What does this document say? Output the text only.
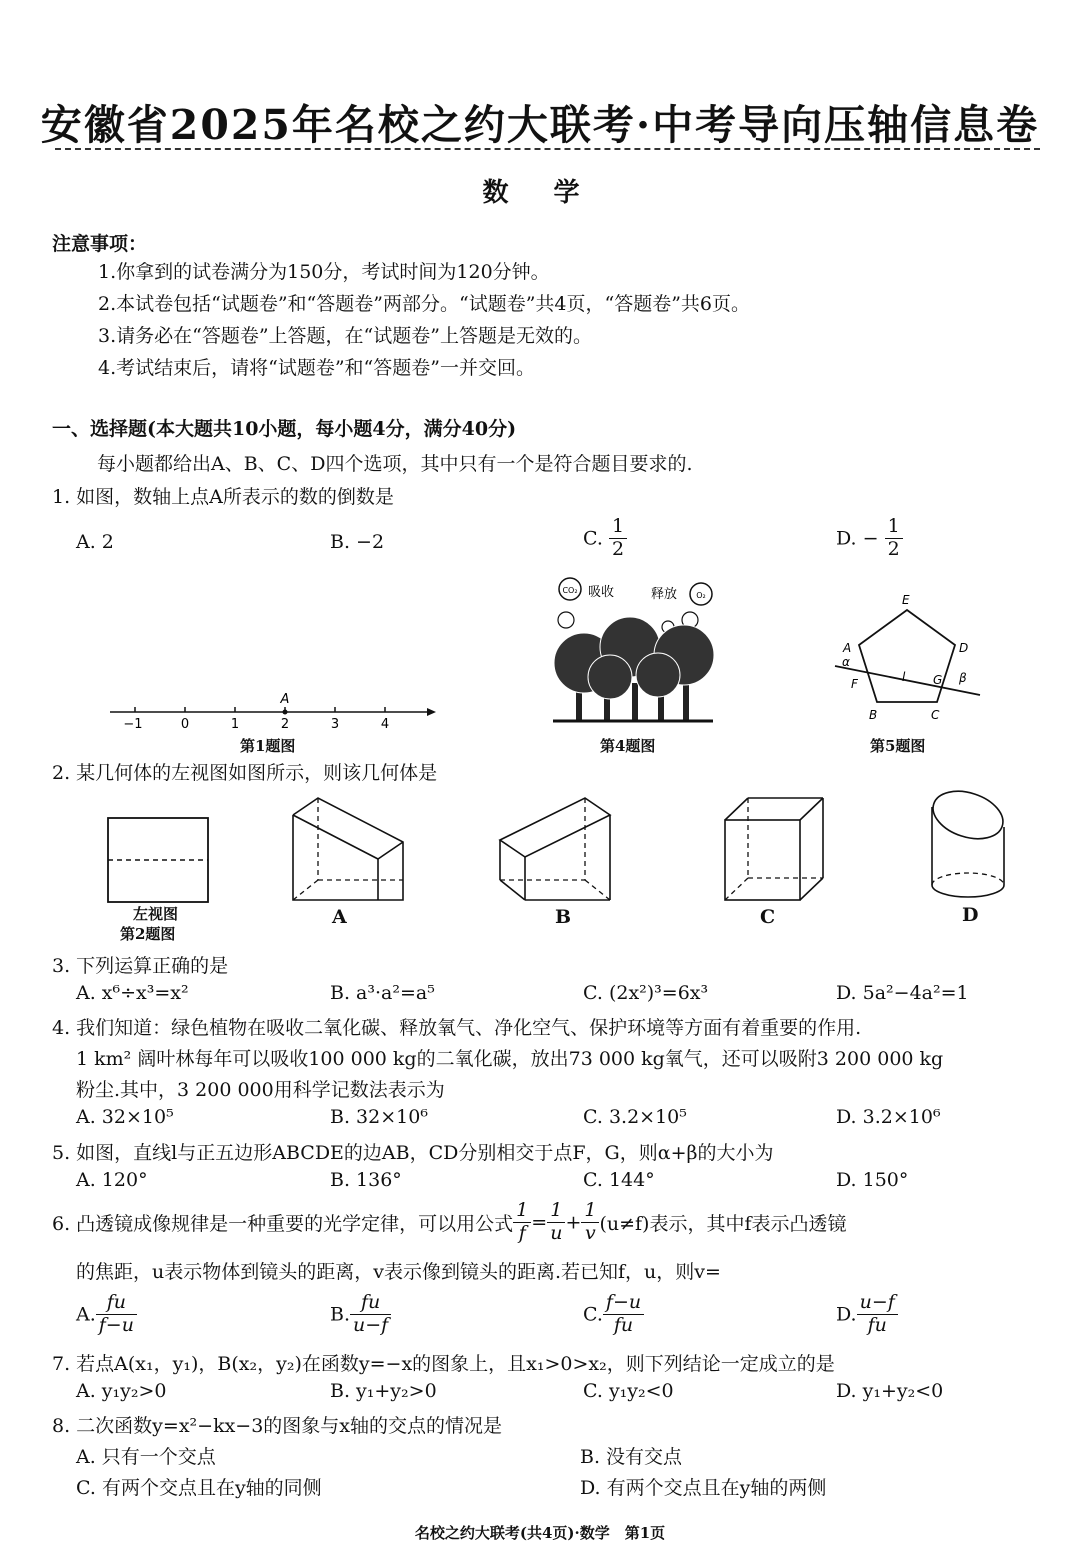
安徽省2025年名校之约大联考·中考导向压轴信息卷
数 学
注意事项：
1.你拿到的试卷满分为150分，考试时间为120分钟。
2.本试卷包括“试题卷”和“答题卷”两部分。“试题卷”共4页，“答题卷”共6页。
3.请务必在“答题卷”上答题，在“试题卷”上答题是无效的。
4.考试结束后，请将“试题卷”和“答题卷”一并交回。
一、选择题(本大题共10小题，每小题4分，满分40分)
每小题都给出A、B、C、D四个选项，其中只有一个是符合题目要求的.
1. 如图，数轴上点A所表示的数的倒数是
A. 2	B. −2	C. $\frac{1}{2}$	D. − $\frac{1}{2}$
A
−1	0	1	2	3	4
第1题图
CO₂ 吸收	释放 O₂
第4题图
E
A	D
α
F	l G β
B	C
第5题图
2. 某几何体的左视图如图所示，则该几何体是
左视图
第2题图
A	B	C	D
3. 下列运算正确的是
A. x⁶÷x³=x²	B. a³·a²=a⁵	C. (2x²)³=6x³	D. 5a²−4a²=1
4. 我们知道：绿色植物在吸收二氧化碳、释放氧气、净化空气、保护环境等方面有着重要的作用.
1 km² 阔叶林每年可以吸收100 000 kg的二氧化碳，放出73 000 kg氧气，还可以吸附3 200 000 kg
粉尘.其中，3 200 000用科学记数法表示为
A. 32×10⁵	B. 32×10⁶	C. 3.2×10⁵	D. 3.2×10⁶
5. 如图，直线l与正五边形ABCDE的边AB，CD分别相交于点F，G，则α+β的大小为
A. 120°	B. 136°	C. 144°	D. 150°
6. 凸透镜成像规律是一种重要的光学定律，可以用公式 $\frac{1}{f} = \frac{1}{u} + \frac{1}{v} (u\ne f)$表示，其中f表示凸透镜
的焦距，u表示物体到镜头的距离，v表示像到镜头的距离.若已知f，u，则v=
A. $\frac{fu}{f-u}$	B. $\frac{fu}{u-f}$	C. $\frac{f-u}{fu}$	D. $\frac{u-f}{fu}$
7. 若点A(x₁，y₁)，B(x₂，y₂)在函数y=−x的图象上，且x₁>0>x₂，则下列结论一定成立的是
A. y₁y₂>0	B. y₁+y₂>0	C. y₁y₂<0	D. y₁+y₂<0
8. 二次函数y=x²−kx−3的图象与x轴的交点的情况是
A. 只有一个交点	B. 没有交点
C. 有两个交点且在y轴的同侧	D. 有两个交点且在y轴的两侧
名校之约大联考(共4页)·数学　第1页
